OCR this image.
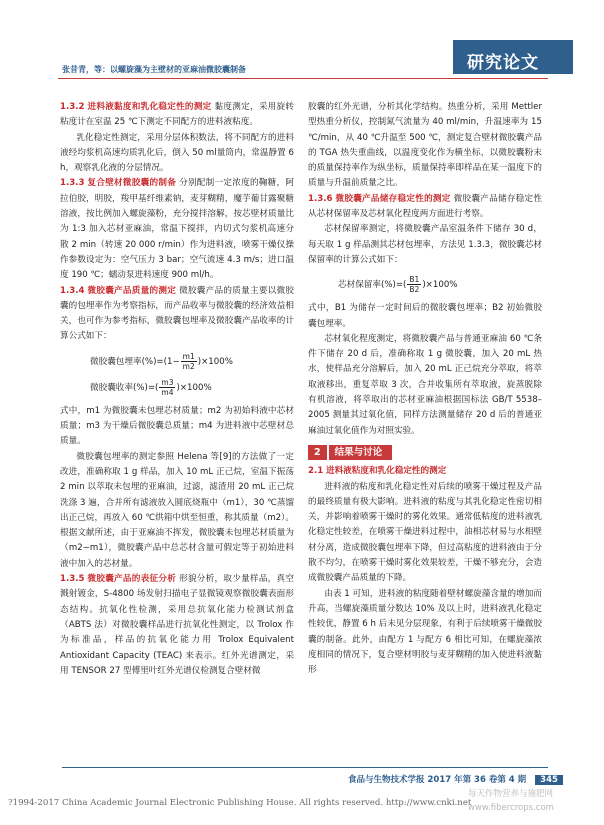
研究论文
张昔青，等：以螺旋藻为主壁材的亚麻油微胶囊制备

1.3.2 进料液黏度和乳化稳定性的测定 黏度测定，采用旋转粘度计在室温 25 ℃下测定不同配方的进料液粘度。

乳化稳定性测定，采用分层体积数法，将不同配方的进料液经均浆机高速均质乳化后，倒入 50 ml量筒内，常温静置 6 h，观察乳化液的分层情况。

1.3.3 复合壁材微胶囊的制备 分别配制一定浓度的鞠糖，阿拉伯胶，明胶，羧甲基纤维素钠，麦芽糊精，魔芋葡甘露聚糖溶液，按比例加入螺旋藻粉，充分搅拌溶解，按芯壁材质量比为 1:3 加入芯材亚麻油，常温下搅拌，内切式匀浆机高速分散 2 min（转速 20 000 r/min）作为进料液，喷雾干燥仪操作参数设定为：空气压力 3 bar；空气流速 4.3 m/s；进口温度 190 ℃；蠕动泵进料速度 900 ml/h。

1.3.4 微胶囊产品质量的测定 微胶囊产品的质量主要以微胶囊的包埋率作为考察指标，而产品收率与微胶囊的经济效益相关，也可作为参考指标，微胶囊包埋率及微胶囊产品收率的计算公式如下：

微胶囊包埋率$(\%)=(1- \frac{m1}{m2} )\times 100\%$
微胶囊收率(%)=( $\frac{m3}{m4} )\times 100\%$

式中，m1 为微胶囊未包埋芯材质量；m2 为初始料液中芯材质量；m3 为干燥后微胶囊总质量；m4 为进料液中芯壁材总质量。

微胶囊包埋率的测定参照 Helena 等[9]的方法做了一定改进，准确称取 1 g 样品，加入 10 mL 正己烷，室温下振荡 2 min 以萃取未包埋的亚麻油，过滤，滤渣用 20 mL 正己烷洗涤 3 遍，合并所有滤液放入圆底烧瓶中（m1），30 ℃蒸馏出正己烷，再放入 60 ℃烘箱中烘至恒重，称其质量（m2）。根据文献所述，由于亚麻油不挥发，微胶囊未包埋芯材质量为（m2−m1），微胶囊产品中总芯材含量可假定等于初始进料液中加入的芯材量。

1.3.5 微胶囊产品的表征分析 形貌分析，取少量样品，真空溅射镀金，S-4800 场发射扫描电子显微镜观察微胶囊表面形态结构。抗氧化性检测，采用总抗氧化能力检测试剂盒（ABTS 法）对微胶囊样品进行抗氧化性测定，以 Trolox 作为标准品，样品的抗氧化能力用 Trolox Equivalent Antioxidant Capacity (TEAC) 来表示。红外光谱测定，采用 TENSOR 27 型傅里叶红外光谱仪检测复合壁材微

胶囊的红外光谱，分析其化学结构。热重分析，采用 Mettler 型热重分析仪，控制氮气流量为 40 ml/min，升温速率为 15 ℃/min，从 40 ℃升温至 500 ℃，测定复合壁材微胶囊产品的 TGA 热失重曲线，以温度变化作为横坐标，以微胶囊粉末的质量保持率作为纵坐标，质量保持率即样品在某一温度下的质量与升温前质量之比。

1.3.6 微胶囊产品储存稳定性的测定 微胶囊产品储存稳定性从芯材保留率及芯材氧化程度两方面进行考察。

芯材保留率测定，将微胶囊产品室温条件下储存 30 d，每天取 1 g 样品测其芯材包埋率，方法见 1.3.3，微胶囊芯材保留率的计算公式如下：

芯材保留率(%)=( $\frac{B1}{B2} )\times 100\%$

式中，B1 为储存一定时间后的微胶囊包埋率；B2 初始微胶囊包埋率。

芯材氧化程度测定，将微胶囊产品与普通亚麻油 60 ℃条件下储存 20 d 后，准确称取 1 g 微胶囊，加入 20 mL 热水，使样品充分溶解后，加入 20 mL 正己烷充分萃取，将萃取液移出，重复萃取 3 次，合并收集所有萃取液，旋蒸脱除有机溶液，将萃取出的芯材亚麻油根据国标法 GB/T 5538–2005 测量其过氧化值，同样方法测量储存 20 d 后的普通亚麻油过氧化值作为对照实验。

2	结果与讨论

2.1 进料液粘度和乳化稳定性的测定

进料液的粘度和乳化稳定性对后续的喷雾干燥过程及产品的最终质量有极大影响。进料液的粘度与其乳化稳定性密切相关，并影响着喷雾干燥时的雾化效果。通常低粘度的进料液乳化稳定性较差，在喷雾干燥进料过程中，油相芯材易与水相壁材分离，造成微胶囊包埋率下降，但过高粘度的进料液由于分散不均匀，在喷雾干燥时雾化效果较差，干燥不够充分，会造成微胶囊产品质量的下降。

由表 1 可知，进料液的粘度随着壁材螺旋藻含量的增加而升高，当螺旋藻质量分数达 10% 及以上时，进料液乳化稳定性较优，静置 6 h 后未见分层现象，有利于后续喷雾干燥微胶囊的制备。此外，由配方 1 与配方 6 相比可知，在螺旋藻浓度相同的情况下，复合壁材明胶与麦芽糊精的加入使进料液黏形

食品与生物技术学报 2017 年第 36 卷第 4 期 345
?1994-2017 China Academic Journal Electronic Publishing House. All rights reserved. http://www.cnki.net
每天作物营养与施肥网 www.fibercrops.com
